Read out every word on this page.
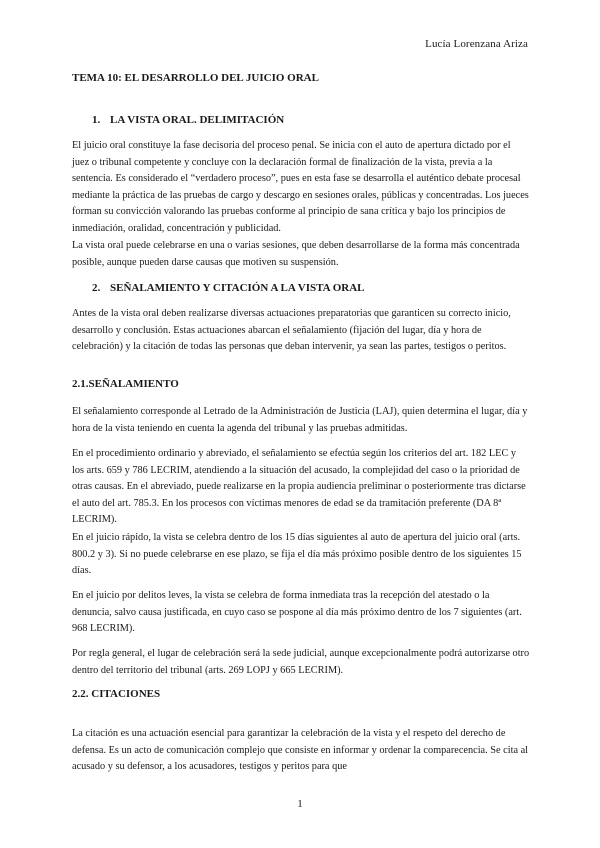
Lucía Lorenzana Ariza
TEMA 10: EL DESARROLLO DEL JUICIO ORAL
1. LA VISTA ORAL. DELIMITACIÓN

El juicio oral constituye la fase decisoria del proceso penal. Se inicia con el auto de apertura dictado por el juez o tribunal competente y concluye con la declaración formal de finalización de la vista, previa a la sentencia. Es considerado el “verdadero proceso”, pues en esta fase se desarrolla el auténtico debate procesal mediante la práctica de las pruebas de cargo y descargo en sesiones orales, públicas y concentradas. Los jueces forman su convicción valorando las pruebas conforme al principio de sana crítica y bajo los principios de inmediación, oralidad, concentración y publicidad.

La vista oral puede celebrarse en una o varias sesiones, que deben desarrollarse de la forma más concentrada posible, aunque pueden darse causas que motiven su suspensión.

2. SEÑALAMIENTO Y CITACIÓN A LA VISTA ORAL

Antes de la vista oral deben realizarse diversas actuaciones preparatorias que garanticen su correcto inicio, desarrollo y conclusión. Estas actuaciones abarcan el señalamiento (fijación del lugar, día y hora de celebración) y la citación de todas las personas que deban intervenir, ya sean las partes, testigos o peritos.

2.1.SEÑALAMIENTO

El señalamiento corresponde al Letrado de la Administración de Justicia (LAJ), quien determina el lugar, día y hora de la vista teniendo en cuenta la agenda del tribunal y las pruebas admitidas.

En el procedimiento ordinario y abreviado, el señalamiento se efectúa según los criterios del art. 182 LEC y los arts. 659 y 786 LECRIM, atendiendo a la situación del acusado, la complejidad del caso o la prioridad de otras causas. En el abreviado, puede realizarse en la propia audiencia preliminar o posteriormente tras dictarse el auto del art. 785.3. En los procesos con víctimas menores de edad se da tramitación preferente (DA 8ª LECRIM).

En el juicio rápido, la vista se celebra dentro de los 15 días siguientes al auto de apertura del juicio oral (arts. 800.2 y 3). Si no puede celebrarse en ese plazo, se fija el día más próximo posible dentro de los siguientes 15 días.

En el juicio por delitos leves, la vista se celebra de forma inmediata tras la recepción del atestado o la denuncia, salvo causa justificada, en cuyo caso se pospone al día más próximo dentro de los 7 siguientes (art. 968 LECRIM).

Por regla general, el lugar de celebración será la sede judicial, aunque excepcionalmente podrá autorizarse otro dentro del territorio del tribunal (arts. 269 LOPJ y 665 LECRIM).

2.2. CITACIONES

La citación es una actuación esencial para garantizar la celebración de la vista y el respeto del derecho de defensa. Es un acto de comunicación complejo que consiste en informar y ordenar la comparecencia. Se cita al acusado y su defensor, a los acusadores, testigos y peritos para que

1
